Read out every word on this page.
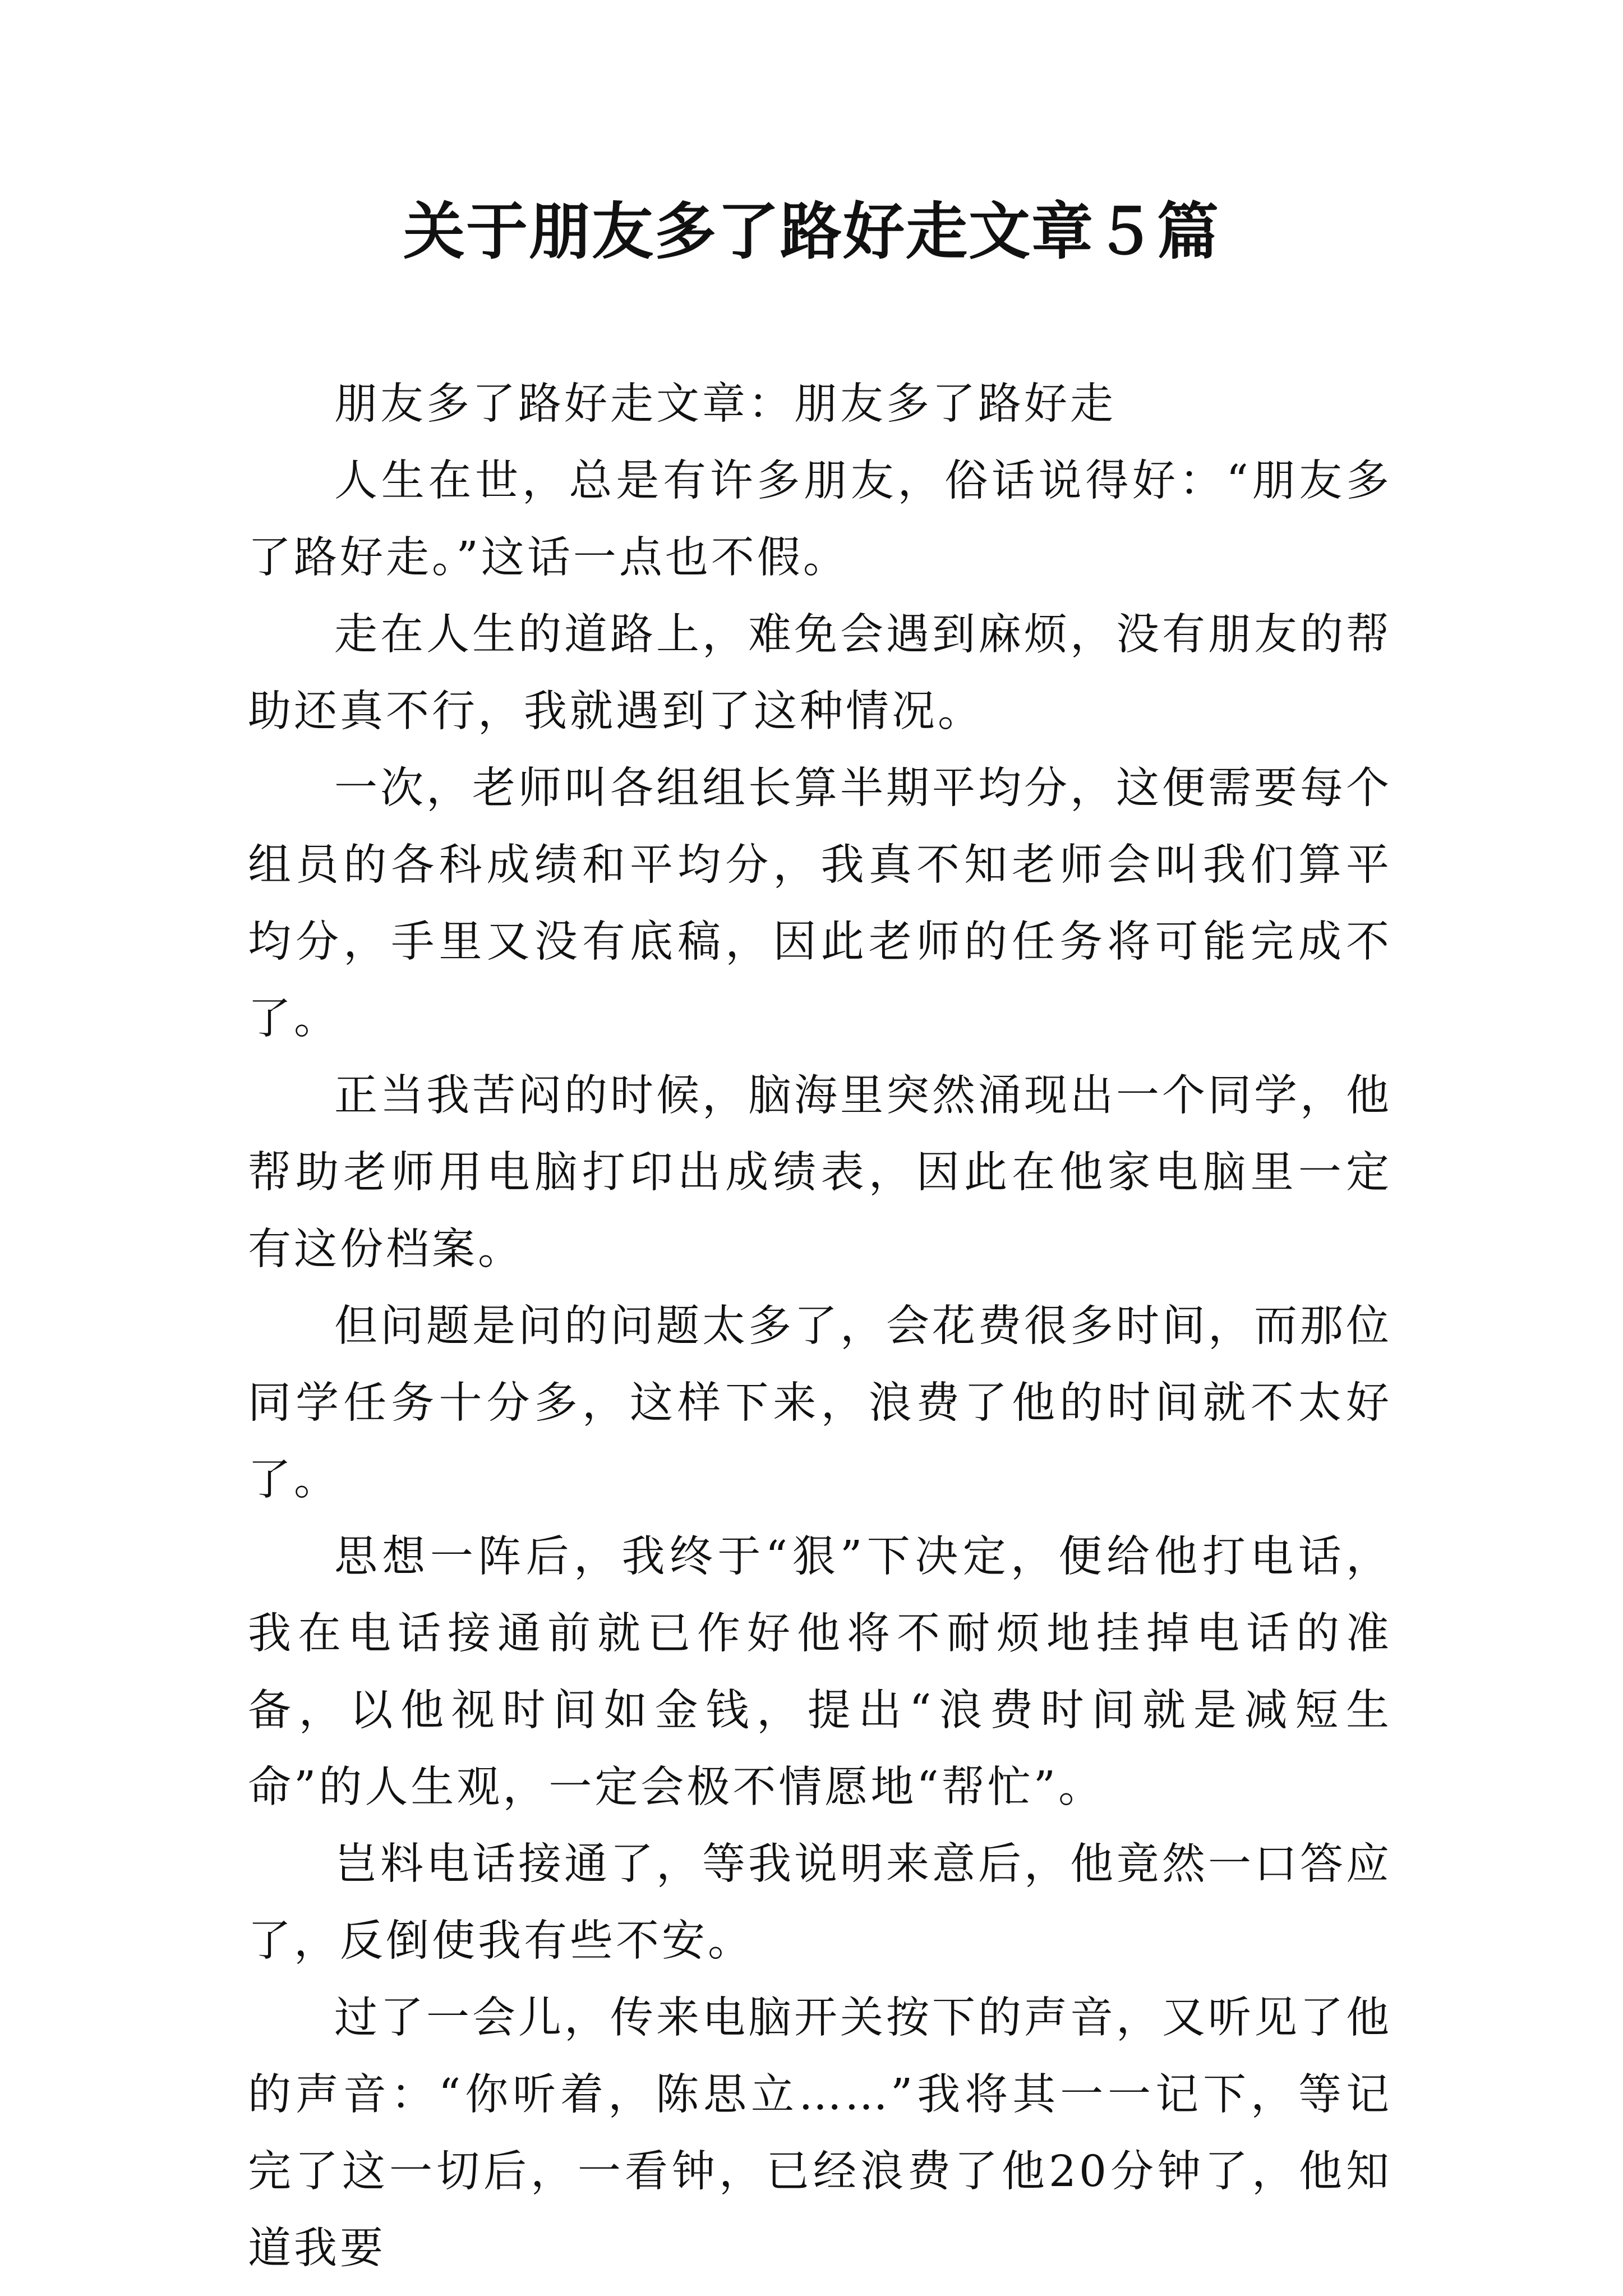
关于朋友多了路好走文章５篇

朋友多了路好走文章：朋友多了路好走

人生在世，总是有许多朋友，俗话说得好：“朋友多了路好走。”这话一点也不假。

走在人生的道路上，难免会遇到麻烦，没有朋友的帮助还真不行，我就遇到了这种情况。

一次，老师叫各组组长算半期平均分，这便需要每个组员的各科成绩和平均分，我真不知老师会叫我们算平均分，手里又没有底稿，因此老师的任务将可能完成不了。

正当我苦闷的时候，脑海里突然涌现出一个同学，他帮助老师用电脑打印出成绩表，因此在他家电脑里一定有这份档案。

但问题是问的问题太多了，会花费很多时间，而那位同学任务十分多，这样下来，浪费了他的时间就不太好了。

思想一阵后，我终于“狠”下决定，便给他打电话，我在电话接通前就已作好他将不耐烦地挂掉电话的准备，以他视时间如金钱，提出“浪费时间就是减短生命”的人生观，一定会极不情愿地“帮忙”。

岂料电话接通了，等我说明来意后，他竟然一口答应了，反倒使我有些不安。

过了一会儿，传来电脑开关按下的声音，又听见了他的声音：“你听着，陈思立……”我将其一一记下，等记完了这一切后，一看钟，已经浪费了他20分钟了，他知道我要
